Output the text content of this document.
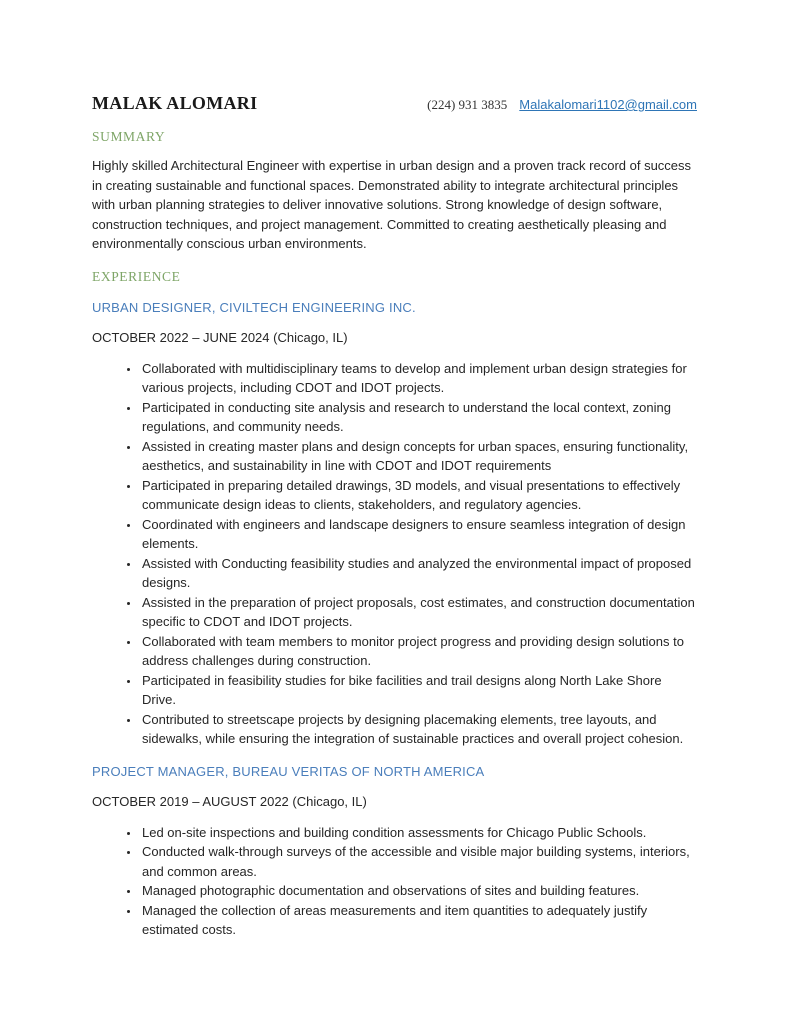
MALAK ALOMARI	(224) 931 3835 Malakalomari1102@gmail.com
SUMMARY

Highly skilled Architectural Engineer with expertise in urban design and a proven track record of success in creating sustainable and functional spaces. Demonstrated ability to integrate architectural principles with urban planning strategies to deliver innovative solutions. Strong knowledge of design software, construction techniques, and project management. Committed to creating aesthetically pleasing and environmentally conscious urban environments.

EXPERIENCE
URBAN DESIGNER, CIVILTECH ENGINEERING INC.
OCTOBER 2022 – JUNE 2024 (Chicago, IL)
• Collaborated with multidisciplinary teams to develop and implement urban design strategies for various projects, including CDOT and IDOT projects.
• Participated in conducting site analysis and research to understand the local context, zoning regulations, and community needs.
• Assisted in creating master plans and design concepts for urban spaces, ensuring functionality, aesthetics, and sustainability in line with CDOT and IDOT requirements
• Participated in preparing detailed drawings, 3D models, and visual presentations to effectively communicate design ideas to clients, stakeholders, and regulatory agencies.
• Coordinated with engineers and landscape designers to ensure seamless integration of design elements.
• Assisted with Conducting feasibility studies and analyzed the environmental impact of proposed designs.
• Assisted in the preparation of project proposals, cost estimates, and construction documentation specific to CDOT and IDOT projects.
• Collaborated with team members to monitor project progress and providing design solutions to address challenges during construction.
• Participated in feasibility studies for bike facilities and trail designs along North Lake Shore Drive.
• Contributed to streetscape projects by designing placemaking elements, tree layouts, and sidewalks, while ensuring the integration of sustainable practices and overall project cohesion.
PROJECT MANAGER, BUREAU VERITAS OF NORTH AMERICA
OCTOBER 2019 – AUGUST 2022 (Chicago, IL)
• Led on-site inspections and building condition assessments for Chicago Public Schools.
• Conducted walk-through surveys of the accessible and visible major building systems, interiors, and common areas.
• Managed photographic documentation and observations of sites and building features.
• Managed the collection of areas measurements and item quantities to adequately justify estimated costs.
